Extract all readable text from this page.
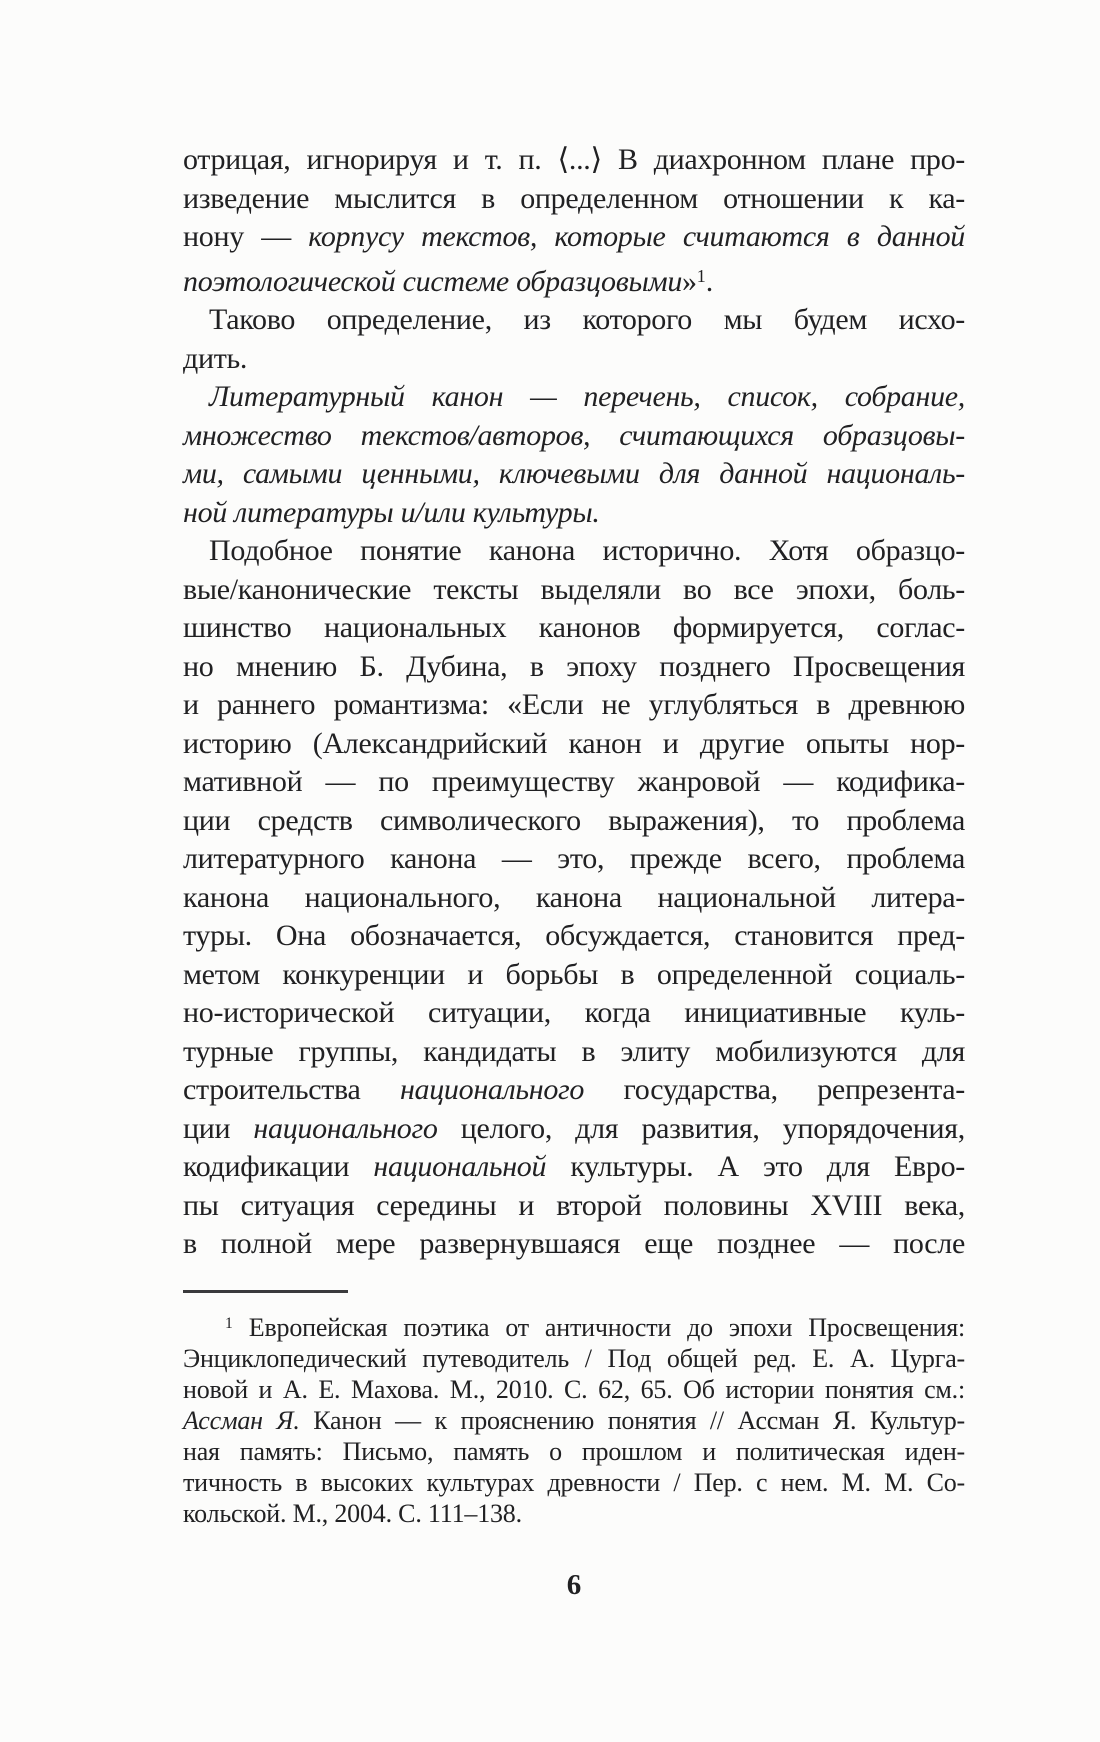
отрицая, игнорируя и т. п. ⟨...⟩ В диахронном плане про-
изведение мыслится в определенном отношении к ка-
нону — корпусу текстов, которые считаются в данной
поэтологической системе образцовыми»$^1$.
Таково определение, из которого мы будем исхо-
дить.
Литературный канон — перечень, список, собрание,
множество текстов/авторов, считающихся образцовы-
ми, самыми ценными, ключевыми для данной националь-
ной литературы и/или культуры.
Подобное понятие канона исторично. Хотя образцо-
вые/канонические тексты выделяли во все эпохи, боль-
шинство национальных канонов формируется, соглас-
но мнению Б. Дубина, в эпоху позднего Просвещения
и раннего романтизма: «Если не углубляться в древнюю
историю (Александрийский канон и другие опыты нор-
мативной — по преимуществу жанровой — кодифика-
ции средств символического выражения), то проблема
литературного канона — это, прежде всего, проблема
канона национального, канона национальной литера-
туры. Она обозначается, обсуждается, становится пред-
метом конкуренции и борьбы в определенной социаль-
но-исторической ситуации, когда инициативные куль-
турные группы, кандидаты в элиту мобилизуются для
строительства национального государства, репрезента-
ции национального целого, для развития, упорядочения,
кодификации национальной культуры. А это для Евро-
пы ситуация середины и второй половины XVIII века,
в полной мере развернувшаяся еще позднее — после
$^1$ Европейская поэтика от античности до эпохи Просвещения:
Энциклопедический путеводитель / Под общей ред. Е. А. Цурга-
новой и А. Е. Махова. М., 2010. С. 62, 65. Об истории понятия см.:
Ассман Я. Канон — к прояснению понятия // Ассман Я. Культур-
ная память: Письмо, память о прошлом и политическая иден-
тичность в высоких культурах древности / Пер. с нем. М. М. Со-
кольской. М., 2004. С. 111–138.
6
